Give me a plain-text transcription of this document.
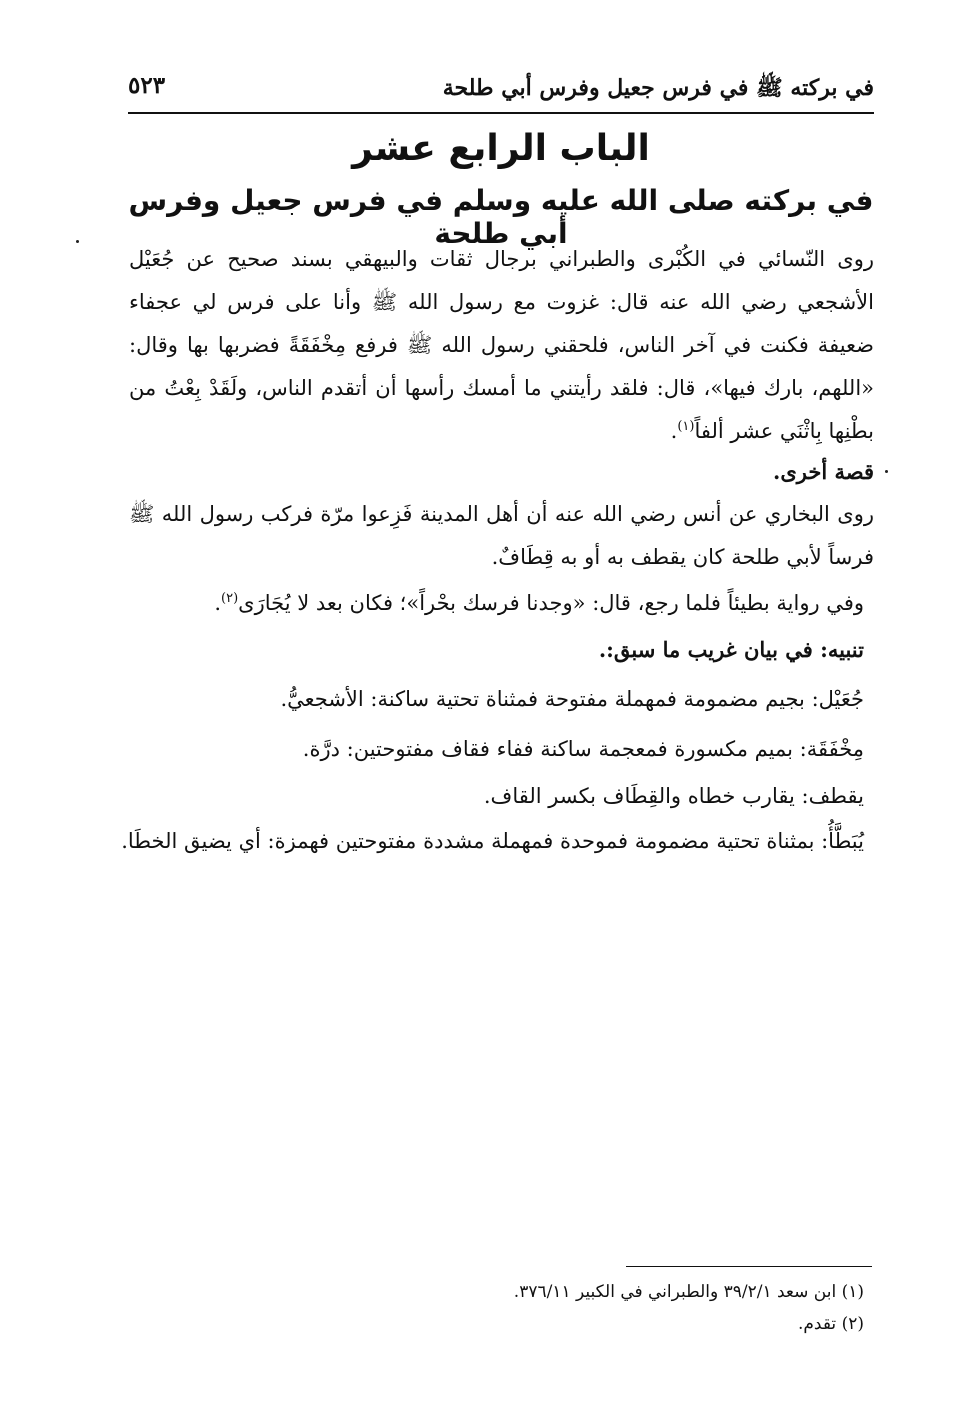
في بركته ﷺ في فرس جعيل وفرس أبي طلحة
٥٢٣
الباب الرابع عشر
في بركته صلى الله عليه وسلم في فرس جعيل وفرس أبي طلحة
روى النّسائي في الكُبْرى والطبراني برجال ثقات والبيهقي بسند صحيح عن جُعَيْل الأشجعي رضي الله عنه قال: غزوت مع رسول الله ﷺ وأنا على فرس لي عجفاء ضعيفة فكنت في آخر الناس، فلحقني رسول الله ﷺ فرفع مِخْفَقَةً فضربها بها وقال: «اللهم، بارك فيها»، قال: فلقد رأيتني ما أمسك رأسها أن أتقدم الناس، ولَقَدْ بِعْتُ من بطْنِها بِاثْنَي عشر ألفاً$^{(١)}$.
قصة أخرى.
روى البخاري عن أنس رضي الله عنه أن أهل المدينة فَزِعوا مرّة فركب رسول الله ﷺ فرساً لأبي طلحة كان يقطف به أو به قِطَافٌ.
وفي رواية بطيئاً فلما رجع، قال: «وجدنا فرسك بحْراً»؛ فكان بعد لا يُجَارَى$^{(٢)}$.
تنبيه: في بيان غريب ما سبق:.
جُعَيْل: بجيم مضمومة فمهملة مفتوحة فمثناة تحتية ساكنة: الأشجعيُّ.
مِخْفَقَة: بميم مكسورة فمعجمة ساكنة ففاء فقاف مفتوحتين: درَّة.
يقطف: يقارب خطاه والقِطَاف بكسر القاف.
يُبَطَّأُ: بمثناة تحتية مضمومة فموحدة فمهملة مشددة مفتوحتين فهمزة: أي يضيق الخطَا.
(١) ابن سعد ٣٩/٢/١ والطبراني في الكبير ٣٧٦/١١.
(٢) تقدم.
